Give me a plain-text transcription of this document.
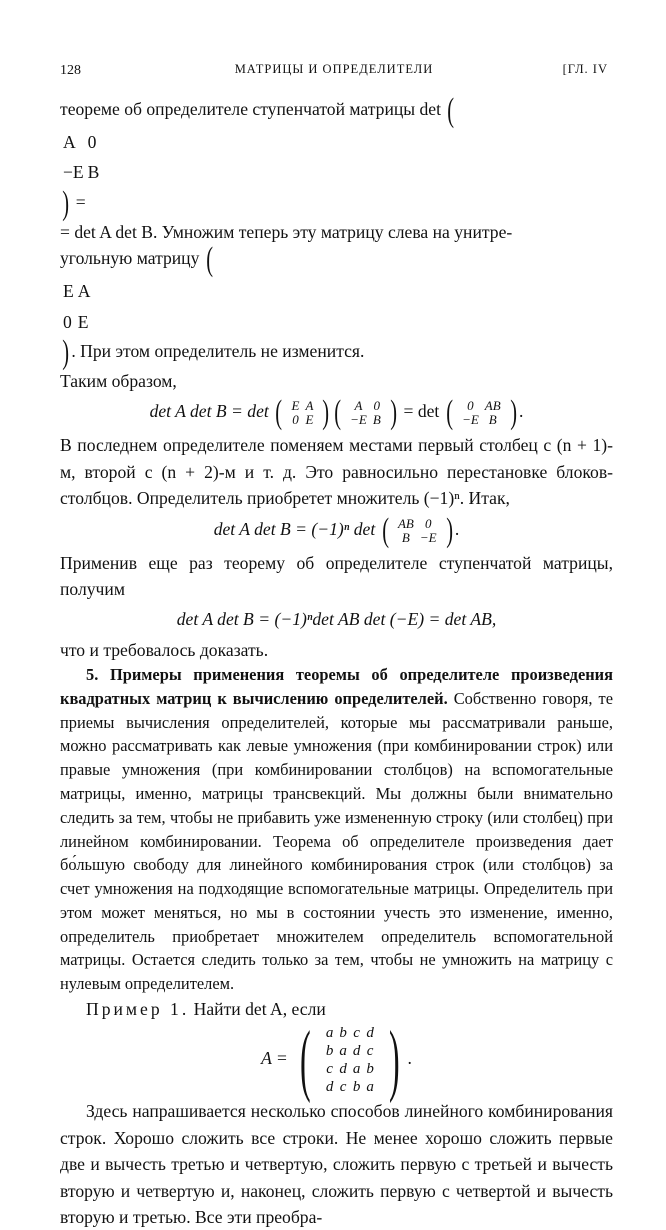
128	МАТРИЦЫ И ОПРЕДЕЛИТЕЛИ	[ГЛ. IV

теореме об определителе ступенчатой матрицы det (

A	0
−E	B
) =

= det A det B. Умножим теперь эту матрицу слева на унитре-

угольную матрицу (

E	A
0	E
) . При этом определитель не изменится.

Таким образом,

det A det B = det ( E	A
0	E ) ( A	0
−E	B ) = det ( 0	AB
−E	B ) .

В последнем определителе поменяем местами первый столбец с (n + 1)-м, второй с (n + 2)-м и т. д. Это равносильно перестановке блоков-столбцов. Определитель приобретет множитель (−1)ⁿ. Итак,

det A det B = (−1)ⁿ det ( AB	0
B	−E ) .

Применив еще раз теорему об определителе ступенчатой матрицы, получим

det A det B = (−1)ⁿdet AB det (−E) = det AB,

что и требовалось доказать.

5. Примеры применения теоремы об определителе произведения квадратных матриц к вычислению определителей. Собственно говоря, те приемы вычисления определителей, которые мы рассматривали раньше, можно рассматривать как левые умножения (при комбинировании строк) или правые умножения (при комбинировании столбцов) на вспомогательные матрицы, именно, матрицы трансвекций. Мы должны были внимательно следить за тем, чтобы не прибавить уже измененную строку (или столбец) при линейном комбинировании. Теорема об определителе произведения дает бо́льшую свободу для линейного комбинирования строк (или столбцов) за счет умножения на подходящие вспомогательные матрицы. Определитель при этом может меняться, но мы в состоянии учесть это изменение, именно, определитель приобретает множителем определитель вспомогательной матрицы. Остается следить только за тем, чтобы не умножить на матрицу с нулевым определителем.

Пример 1. Найти det A, если

A = ( a	b	c	d
b	a	d	c
c	d	a	b
d	c	b	a ) .

Здесь напрашивается несколько способов линейного комбинирования строк. Хорошо сложить все строки. Не менее хорошо сложить первые две и вычесть третью и четвертую, сложить первую с третьей и вычесть вторую и четвертую и, наконец, сложить первую с четвертой и вычесть вторую и третью. Все эти преобра-
